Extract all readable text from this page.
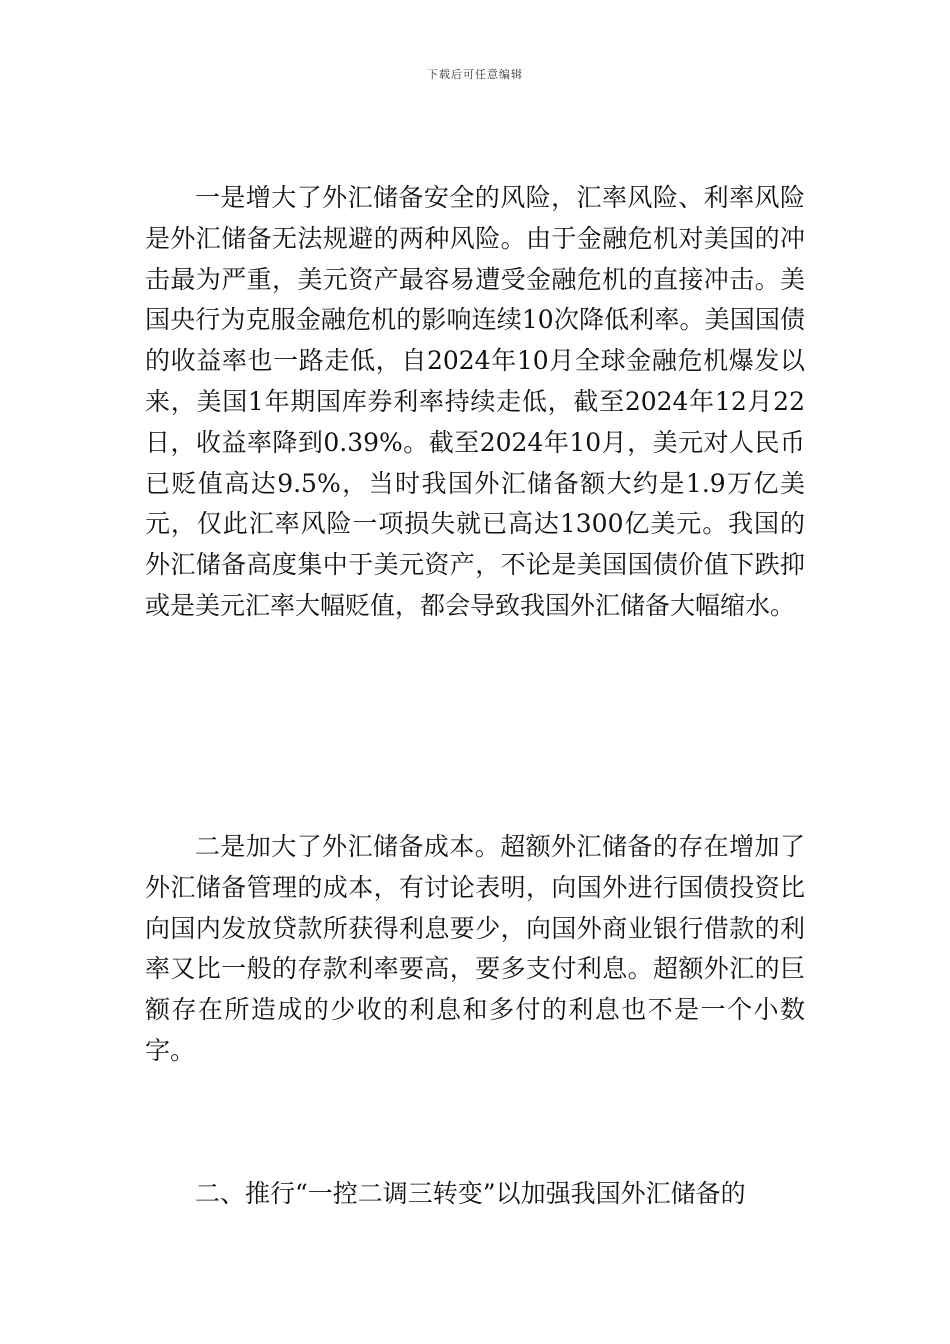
下载后可任意编辑

一是增大了外汇储备安全的风险，汇率风险、利率风险是外汇储备无法规避的两种风险。由于金融危机对美国的冲击最为严重，美元资产最容易遭受金融危机的直接冲击。美国央行为克服金融危机的影响连续10次降低利率。美国国债的收益率也一路走低，自2024年10月全球金融危机爆发以来，美国1年期国库券利率持续走低，截至2024年12月22日，收益率降到0.39%。截至2024年10月，美元对人民币已贬值高达9.5%，当时我国外汇储备额大约是1.9万亿美元，仅此汇率风险一项损失就已高达1300亿美元。我国的外汇储备高度集中于美元资产，不论是美国国债价值下跌抑或是美元汇率大幅贬值，都会导致我国外汇储备大幅缩水。

二是加大了外汇储备成本。超额外汇储备的存在增加了外汇储备管理的成本，有讨论表明，向国外进行国债投资比向国内发放贷款所获得利息要少，向国外商业银行借款的利率又比一般的存款利率要高，要多支付利息。超额外汇的巨额存在所造成的少收的利息和多付的利息也不是一个小数字。

二、推行“一控二调三转变”以加强我国外汇储备的
